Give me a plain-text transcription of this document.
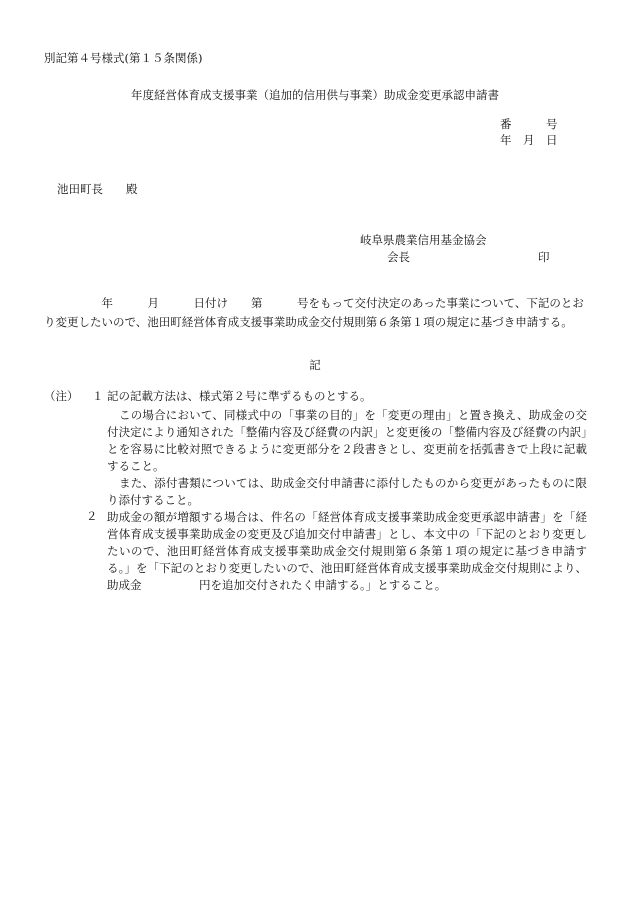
別記第４号様式(第１５条関係)
年度経営体育成支援事業（追加的信用供与事業）助成金変更承認申請書
番　　　号
年　月　日
池田町長　　殿
岐阜県農業信用基金協会
会長	印
　　　　　年　　　月　　　日付け　　第　　　号をもって交付決定のあった事業について、下記のとおり変更したいので、池田町経営体育成支援事業助成金交付規則第６条第１項の規定に基づき申請する。
記
（注） １ 記の記載方法は、様式第２号に準ずるものとする。
この場合において、同様式中の「事業の目的」を「変更の理由」と置き換え、助成金の交付決定により通知された「整備内容及び経費の内訳」と変更後の「整備内容及び経費の内訳」とを容易に比較対照できるように変更部分を２段書きとし、変更前を括弧書きで上段に記載すること。
また、添付書類については、助成金交付申請書に添付したものから変更があったものに限り添付すること。
２ 助成金の額が増額する場合は、件名の「経営体育成支援事業助成金変更承認申請書」を「経営体育成支援事業助成金の変更及び追加交付申請書」とし、本文中の「下記のとおり変更したいので、池田町経営体育成支援事業助成金交付規則第６条第１項の規定に基づき申請する。」を「下記のとおり変更したいので、池田町経営体育成支援事業助成金交付規則により、助成金　　　　　円を追加交付されたく申請する。」とすること。
